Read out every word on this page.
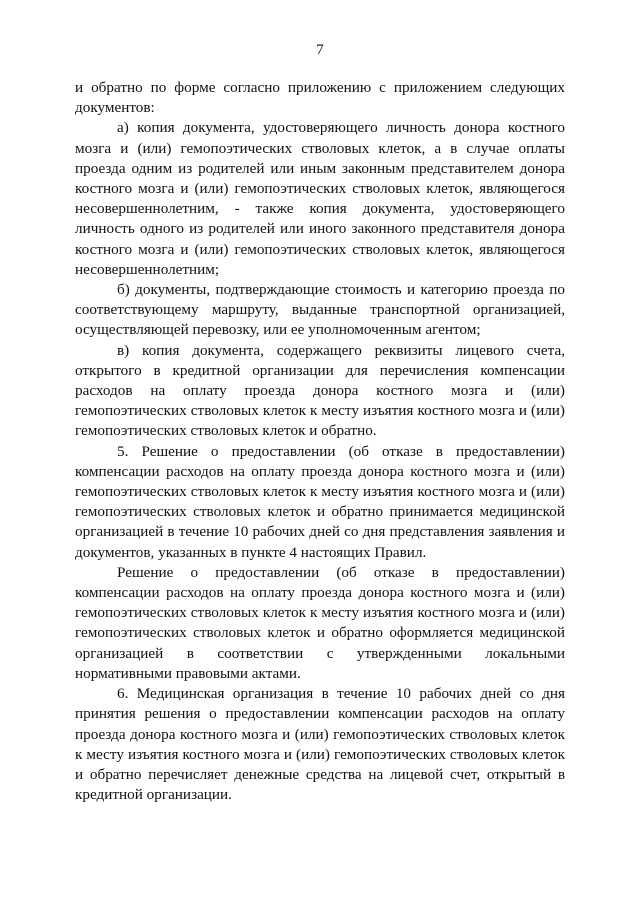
7

и обратно по форме согласно приложению с приложением следующих документов:

а) копия документа, удостоверяющего личность донора костного мозга и (или) гемопоэтических стволовых клеток, а в случае оплаты проезда одним из родителей или иным законным представителем донора костного мозга и (или) гемопоэтических стволовых клеток, являющегося несовершеннолетним, - также копия документа, удостоверяющего личность одного из родителей или иного законного представителя донора костного мозга и (или) гемопоэтических стволовых клеток, являющегося несовершеннолетним;

б) документы, подтверждающие стоимость и категорию проезда по соответствующему маршруту, выданные транспортной организацией, осуществляющей перевозку, или ее уполномоченным агентом;

в) копия документа, содержащего реквизиты лицевого счета, открытого в кредитной организации для перечисления компенсации расходов на оплату проезда донора костного мозга и (или) гемопоэтических стволовых клеток к месту изъятия костного мозга и (или) гемопоэтических стволовых клеток и обратно.

5. Решение о предоставлении (об отказе в предоставлении) компенсации расходов на оплату проезда донора костного мозга и (или) гемопоэтических стволовых клеток к месту изъятия костного мозга и (или) гемопоэтических стволовых клеток и обратно принимается медицинской организацией в течение 10 рабочих дней со дня представления заявления и документов, указанных в пункте 4 настоящих Правил.

Решение о предоставлении (об отказе в предоставлении) компенсации расходов на оплату проезда донора костного мозга и (или) гемопоэтических стволовых клеток к месту изъятия костного мозга и (или) гемопоэтических стволовых клеток и обратно оформляется медицинской организацией в соответствии с утвержденными локальными нормативными правовыми актами.

6. Медицинская организация в течение 10 рабочих дней со дня принятия решения о предоставлении компенсации расходов на оплату проезда донора костного мозга и (или) гемопоэтических стволовых клеток к месту изъятия костного мозга и (или) гемопоэтических стволовых клеток и обратно перечисляет денежные средства на лицевой счет, открытый в кредитной организации.
